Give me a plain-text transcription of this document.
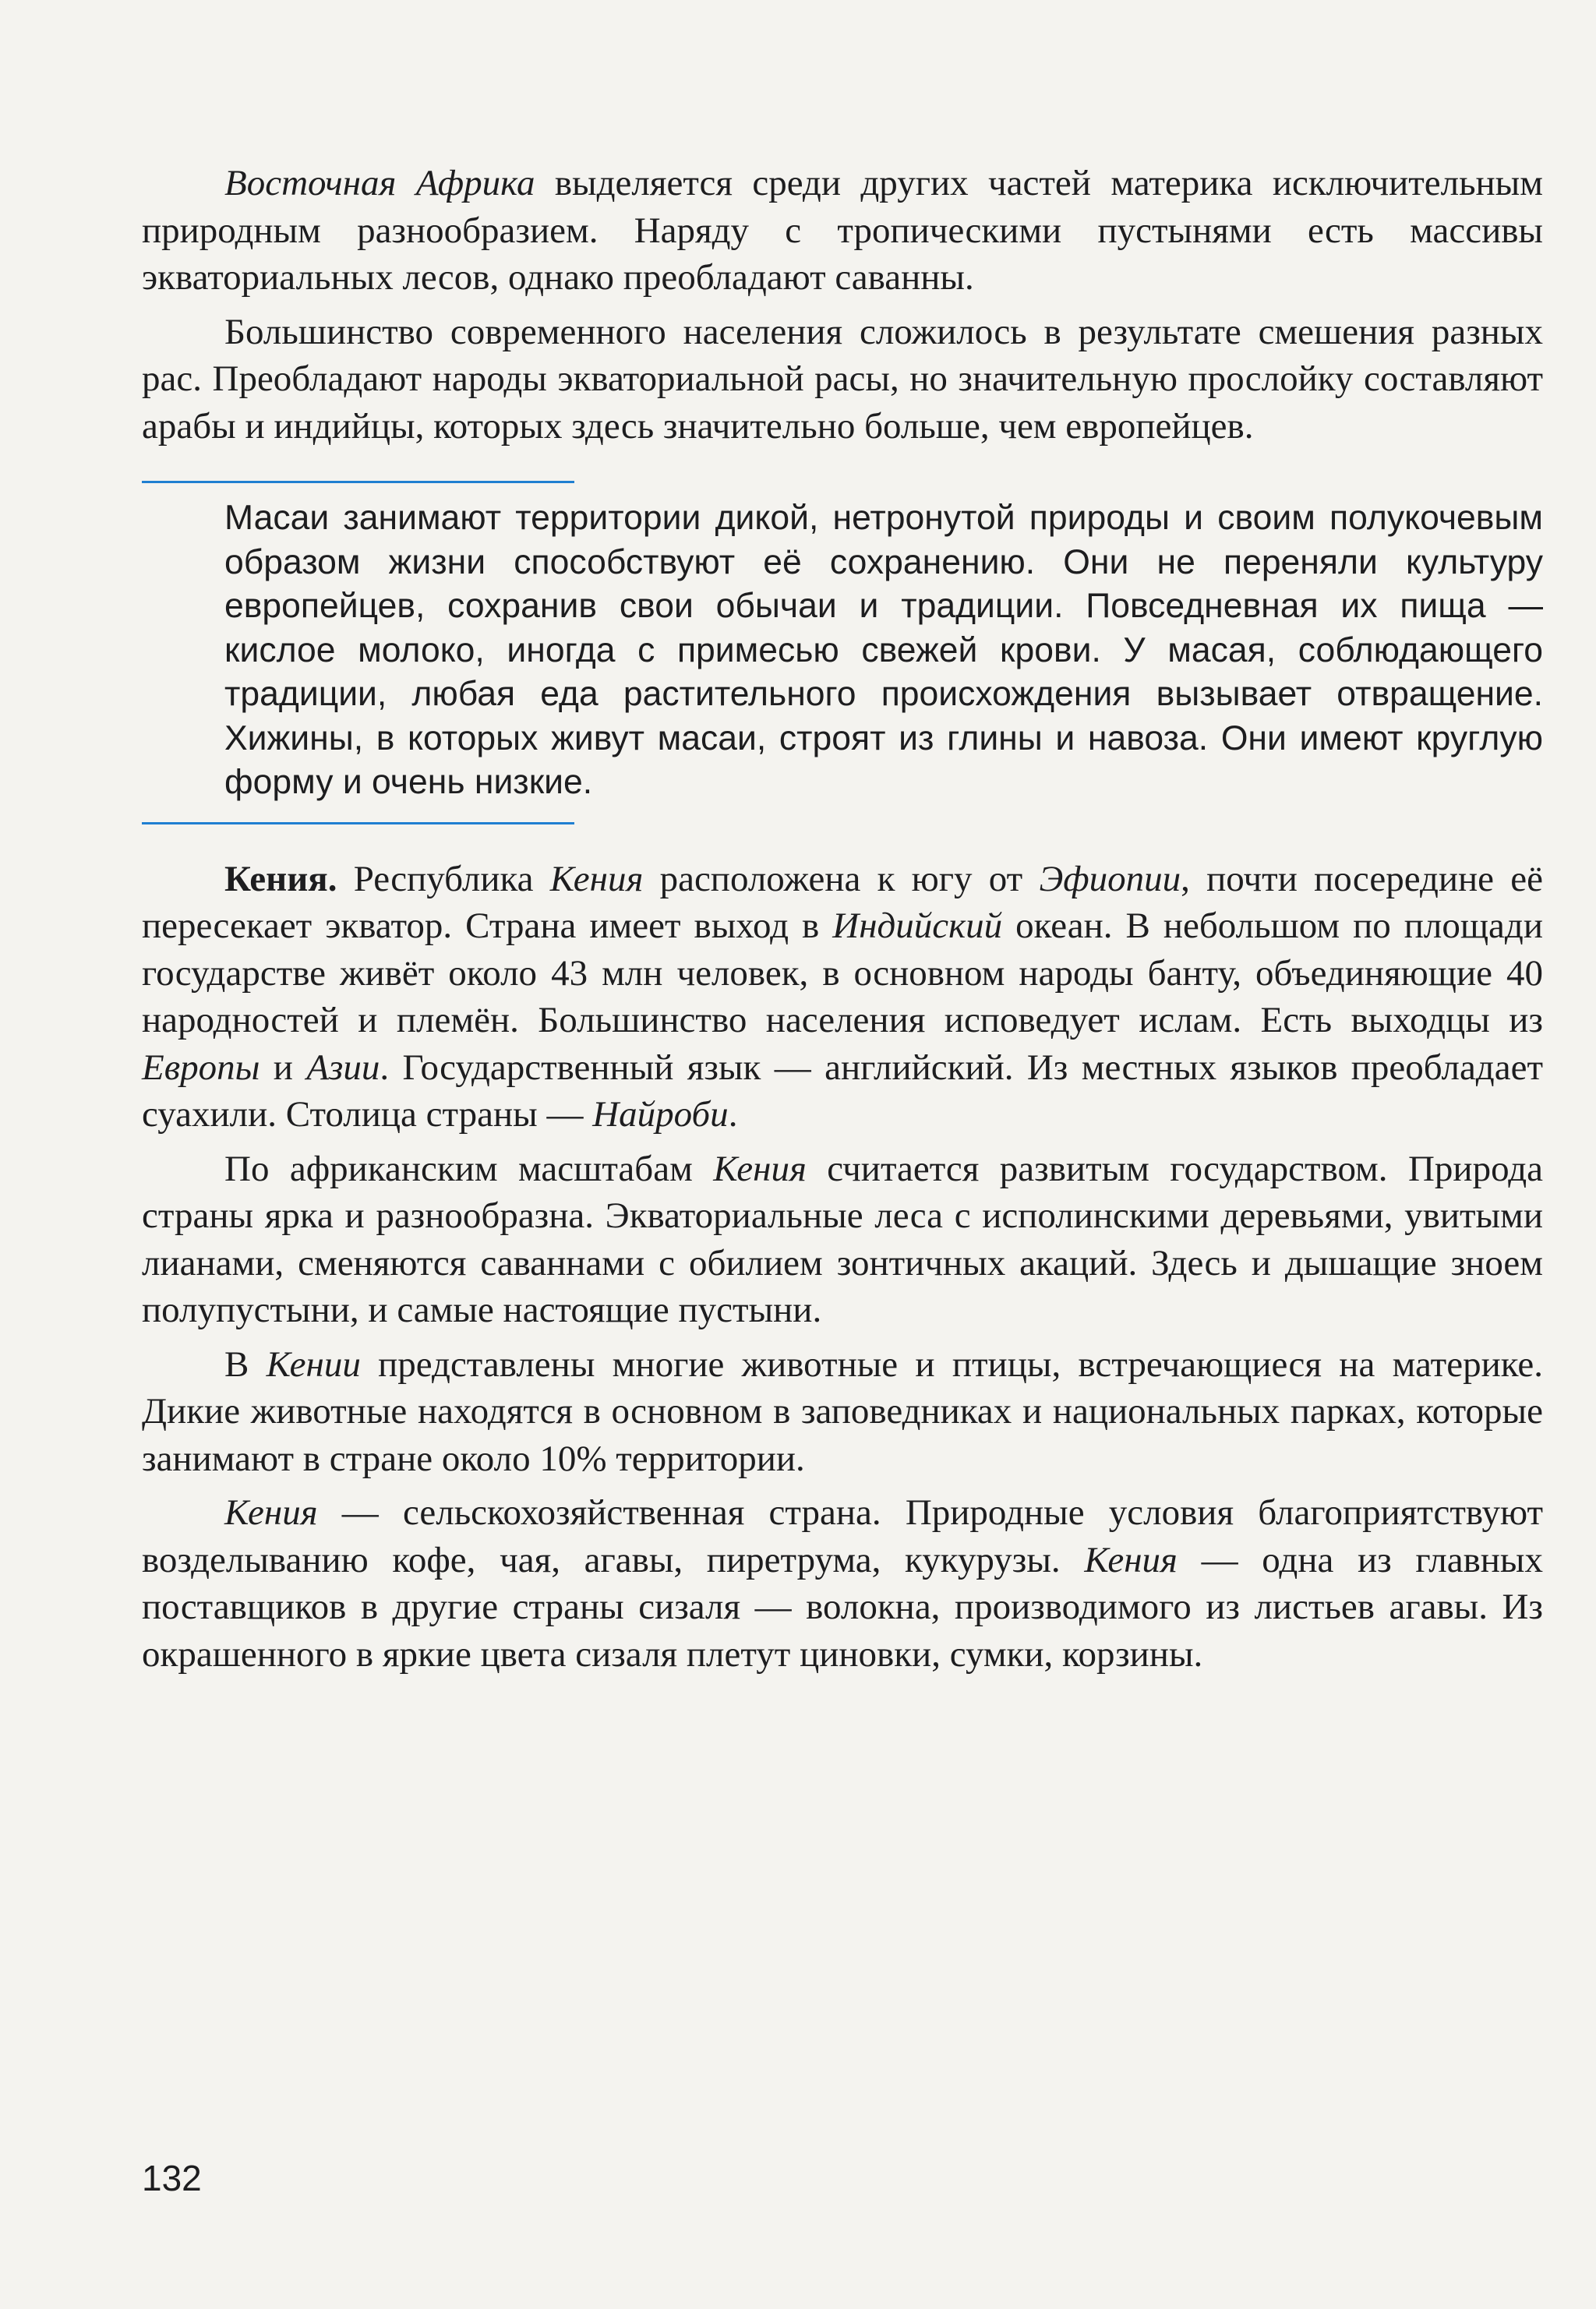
Восточная Африка выделяется среди других частей материка исключительным природным разнообразием. Наряду с тропическими пустынями есть массивы экваториальных лесов, однако преобладают саванны.

Большинство современного населения сложилось в результате смешения разных рас. Преобладают народы экваториальной расы, но значительную прослойку составляют арабы и индийцы, которых здесь значительно больше, чем европейцев.

Масаи занимают территории дикой, нетронутой природы и своим полукочевым образом жизни способствуют её сохранению. Они не переняли культуру европейцев, сохранив свои обычаи и традиции. Повседневная их пища — кислое молоко, иногда с примесью свежей крови. У масая, соблюдающего традиции, любая еда растительного происхождения вызывает отвращение. Хижины, в которых живут масаи, строят из глины и навоза. Они имеют круглую форму и очень низкие.

Кения. Республика Кения расположена к югу от Эфиопии, почти посередине её пересекает экватор. Страна имеет выход в Индийский океан. В небольшом по площади государстве живёт около 43 млн человек, в основном народы банту, объединяющие 40 народностей и племён. Большинство населения исповедует ислам. Есть выходцы из Европы и Азии. Государственный язык — английский. Из местных языков преобладает суахили. Столица страны — Найроби.

По африканским масштабам Кения считается развитым государством. Природа страны ярка и разнообразна. Экваториальные леса с исполинскими деревьями, увитыми лианами, сменяются саваннами с обилием зонтичных акаций. Здесь и дышащие зноем полупустыни, и самые настоящие пустыни.

В Кении представлены многие животные и птицы, встречающиеся на материке. Дикие животные находятся в основном в заповедниках и национальных парках, которые занимают в стране около 10% территории.

Кения — сельскохозяйственная страна. Природные условия благоприятствуют возделыванию кофе, чая, агавы, пиретрума, кукурузы. Кения — одна из главных поставщиков в другие страны сизаля — волокна, производимого из листьев агавы. Из окрашенного в яркие цвета сизаля плетут циновки, сумки, корзины.

132
